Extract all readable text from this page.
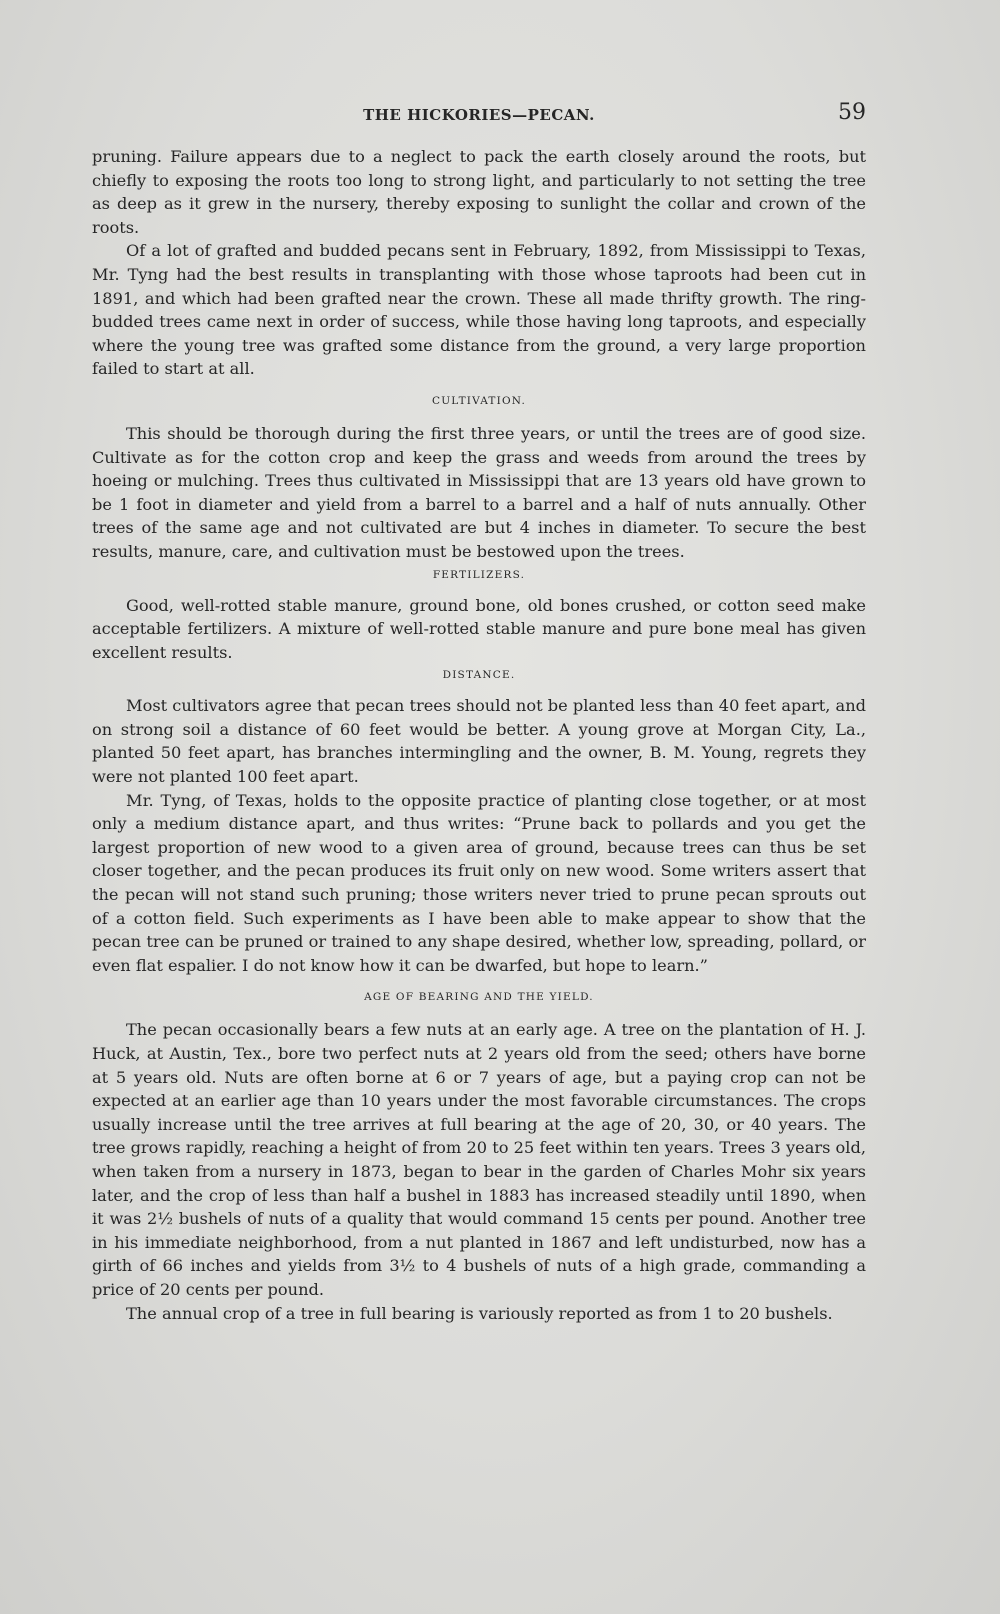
THE HICKORIES—PECAN.	59

pruning. Failure appears due to a neglect to pack the earth closely around the roots, but chiefly to exposing the roots too long to strong light, and particularly to not setting the tree as deep as it grew in the nursery, thereby exposing to sunlight the collar and crown of the roots.

Of a lot of grafted and budded pecans sent in February, 1892, from Mississippi to Texas, Mr. Tyng had the best results in transplanting with those whose taproots had been cut in 1891, and which had been grafted near the crown. These all made thrifty growth. The ring-budded trees came next in order of success, while those having long taproots, and especially where the young tree was grafted some distance from the ground, a very large proportion failed to start at all.

CULTIVATION.

This should be thorough during the first three years, or until the trees are of good size. Cultivate as for the cotton crop and keep the grass and weeds from around the trees by hoeing or mulching. Trees thus cultivated in Mississippi that are 13 years old have grown to be 1 foot in diameter and yield from a barrel to a barrel and a half of nuts annually. Other trees of the same age and not cultivated are but 4 inches in diameter. To secure the best results, manure, care, and cultivation must be bestowed upon the trees.

FERTILIZERS.

Good, well-rotted stable manure, ground bone, old bones crushed, or cotton seed make acceptable fertilizers. A mixture of well-rotted stable manure and pure bone meal has given excellent results.

DISTANCE.

Most cultivators agree that pecan trees should not be planted less than 40 feet apart, and on strong soil a distance of 60 feet would be better. A young grove at Morgan City, La., planted 50 feet apart, has branches intermingling and the owner, B. M. Young, regrets they were not planted 100 feet apart.

Mr. Tyng, of Texas, holds to the opposite practice of planting close together, or at most only a medium distance apart, and thus writes: “Prune back to pollards and you get the largest proportion of new wood to a given area of ground, because trees can thus be set closer together, and the pecan produces its fruit only on new wood. Some writers assert that the pecan will not stand such pruning; those writers never tried to prune pecan sprouts out of a cotton field. Such experiments as I have been able to make appear to show that the pecan tree can be pruned or trained to any shape desired, whether low, spreading, pollard, or even flat espalier. I do not know how it can be dwarfed, but hope to learn.”

AGE OF BEARING AND THE YIELD.

The pecan occasionally bears a few nuts at an early age. A tree on the plantation of H. J. Huck, at Austin, Tex., bore two perfect nuts at 2 years old from the seed; others have borne at 5 years old. Nuts are often borne at 6 or 7 years of age, but a paying crop can not be expected at an earlier age than 10 years under the most favorable circumstances. The crops usually increase until the tree arrives at full bearing at the age of 20, 30, or 40 years. The tree grows rapidly, reaching a height of from 20 to 25 feet within ten years. Trees 3 years old, when taken from a nursery in 1873, began to bear in the garden of Charles Mohr six years later, and the crop of less than half a bushel in 1883 has increased steadily until 1890, when it was 2½ bushels of nuts of a quality that would command 15 cents per pound. Another tree in his immediate neighborhood, from a nut planted in 1867 and left undisturbed, now has a girth of 66 inches and yields from 3½ to 4 bushels of nuts of a high grade, commanding a price of 20 cents per pound.

The annual crop of a tree in full bearing is variously reported as from 1 to 20 bushels.
